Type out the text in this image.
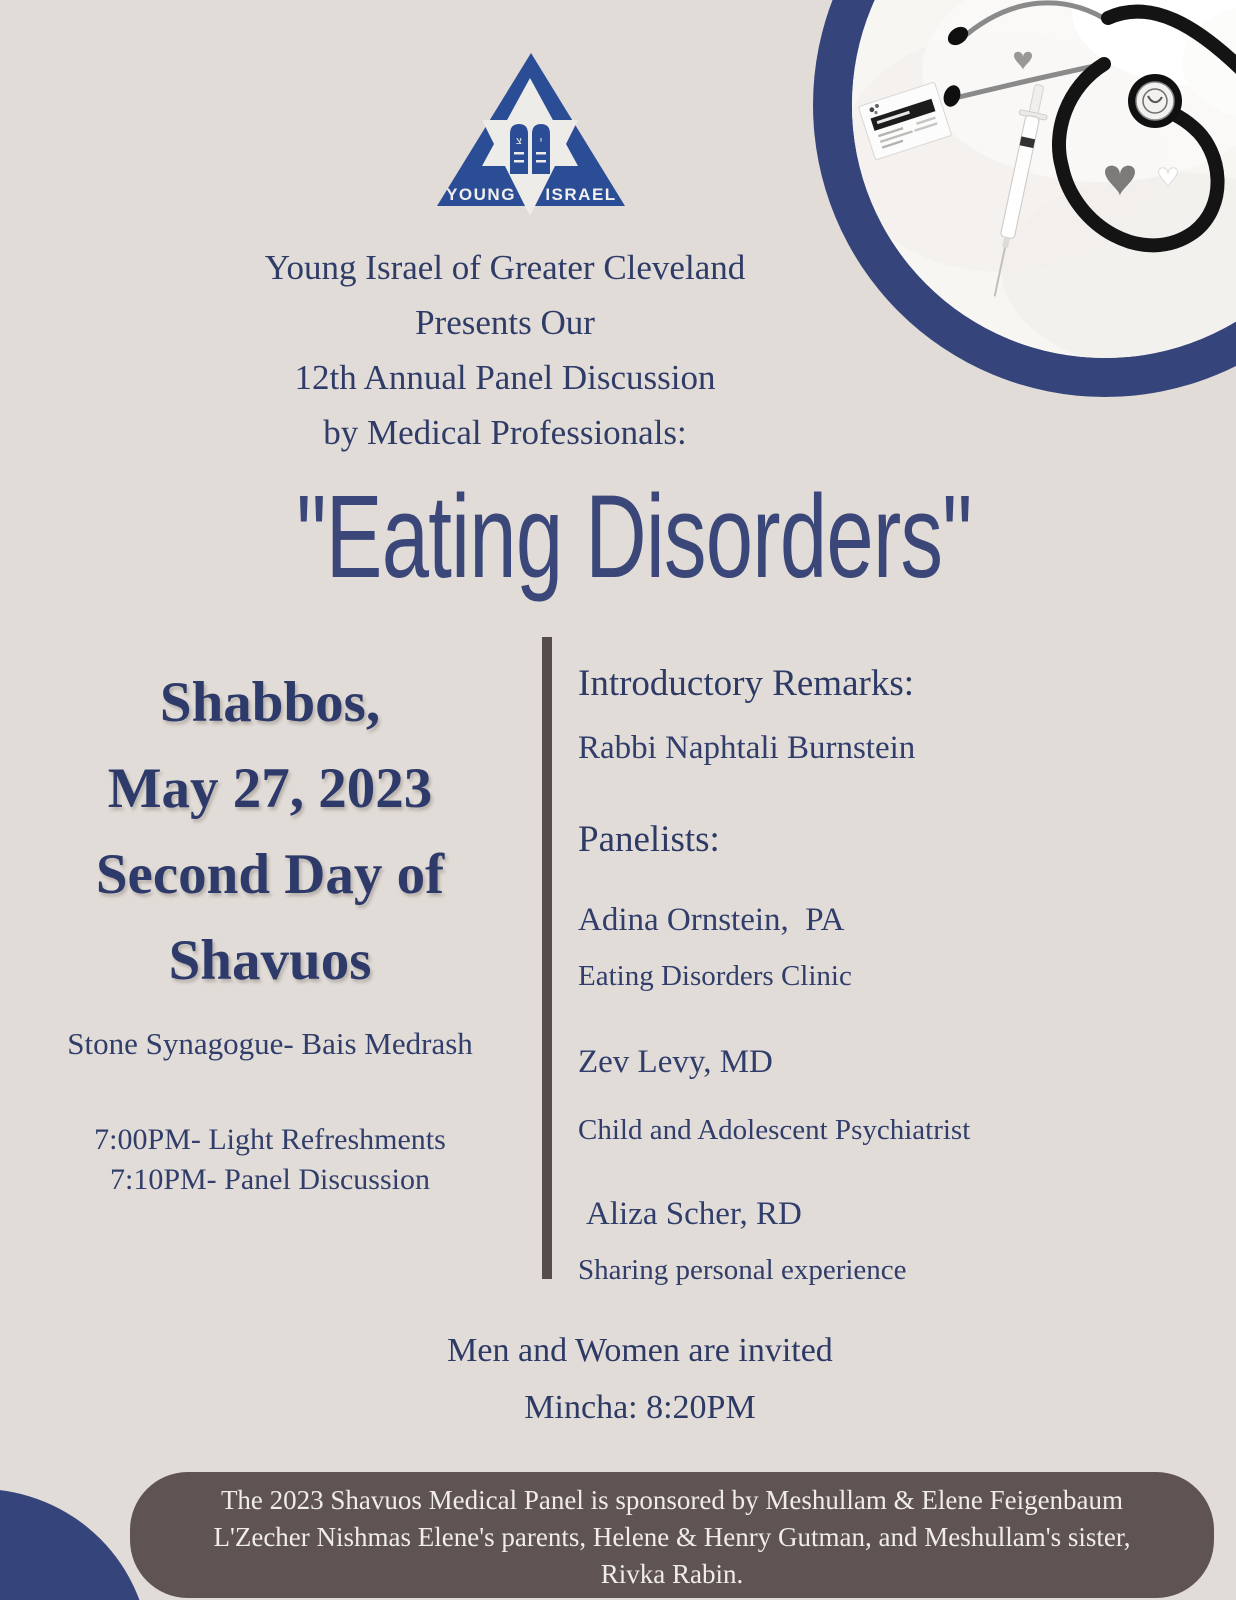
צ י
YOUNG ISRAEL
Young Israel of Greater Cleveland
Presents Our
12th Annual Panel Discussion
by Medical Professionals:
"Eating Disorders"
Shabbos,
May 27, 2023
Second Day of
Shavuos
Stone Synagogue- Bais Medrash
7:00PM- Light Refreshments
7:10PM- Panel Discussion
Introductory Remarks:
Rabbi Naphtali Burnstein
Panelists:
Adina Ornstein,  PA
Eating Disorders Clinic
Zev Levy, MD
Child and Adolescent Psychiatrist
Aliza Scher, RD
Sharing personal experience
Men and Women are invited
Mincha: 8:20PM

The 2023 Shavuos Medical Panel is sponsored by Meshullam & Elene Feigenbaum L'Zecher Nishmas Elene's parents, Helene & Henry Gutman, and Meshullam's sister, Rivka Rabin.
